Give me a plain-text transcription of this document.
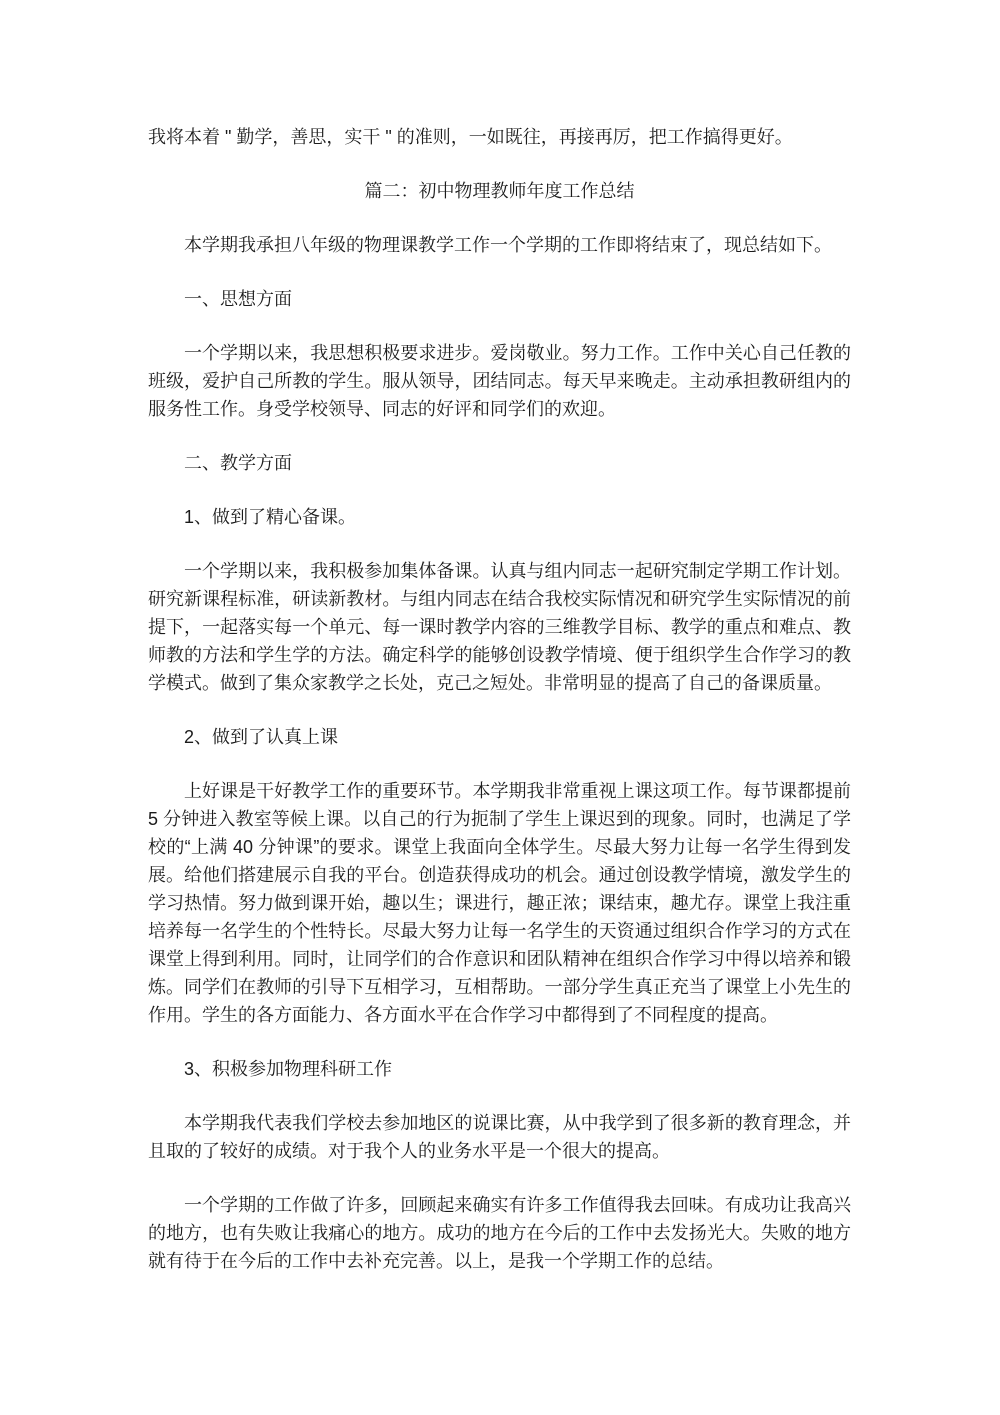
我将本着 " 勤学，善思，实干 " 的准则，一如既往，再接再厉，把工作搞得更好。

篇二：初中物理教师年度工作总结

本学期我承担八年级的物理课教学工作一个学期的工作即将结束了，现总结如下。

一、思想方面

一个学期以来，我思想积极要求进步。爱岗敬业。努力工作。工作中关心自己任教的班级，爱护自己所教的学生。服从领导，团结同志。每天早来晚走。主动承担教研组内的服务性工作。身受学校领导、同志的好评和同学们的欢迎。

二、教学方面

1、做到了精心备课。

一个学期以来，我积极参加集体备课。认真与组内同志一起研究制定学期工作计划。研究新课程标准，研读新教材。与组内同志在结合我校实际情况和研究学生实际情况的前提下，一起落实每一个单元、每一课时教学内容的三维教学目标、教学的重点和难点、教师教的方法和学生学的方法。确定科学的能够创设教学情境、便于组织学生合作学习的教学模式。做到了集众家教学之长处，克己之短处。非常明显的提高了自己的备课质量。

2、做到了认真上课

上好课是干好教学工作的重要环节。本学期我非常重视上课这项工作。每节课都提前 5 分钟进入教室等候上课。以自己的行为扼制了学生上课迟到的现象。同时，也满足了学校的“上满 40 分钟课”的要求。课堂上我面向全体学生。尽最大努力让每一名学生得到发展。给他们搭建展示自我的平台。创造获得成功的机会。通过创设教学情境，激发学生的学习热情。努力做到课开始，趣以生；课进行，趣正浓；课结束，趣尤存。课堂上我注重培养每一名学生的个性特长。尽最大努力让每一名学生的天资通过组织合作学习的方式在课堂上得到利用。同时，让同学们的合作意识和团队精神在组织合作学习中得以培养和锻炼。同学们在教师的引导下互相学习，互相帮助。一部分学生真正充当了课堂上小先生的作用。学生的各方面能力、各方面水平在合作学习中都得到了不同程度的提高。

3、积极参加物理科研工作

本学期我代表我们学校去参加地区的说课比赛，从中我学到了很多新的教育理念，并且取的了较好的成绩。对于我个人的业务水平是一个很大的提高。

一个学期的工作做了许多，回顾起来确实有许多工作值得我去回味。有成功让我高兴的地方，也有失败让我痛心的地方。成功的地方在今后的工作中去发扬光大。失败的地方就有待于在今后的工作中去补充完善。以上，是我一个学期工作的总结。
